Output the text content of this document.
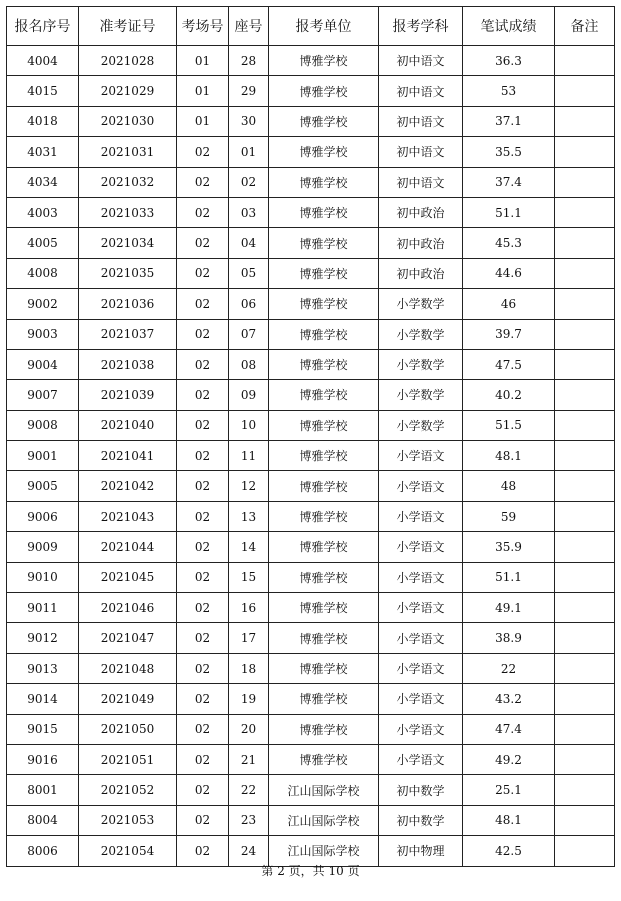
报名序号	准考证号	考场号	座号	报考单位	报考学科	笔试成绩	备注
4004	2021028	01	28	博雅学校	初中语文	36.3	
4015	2021029	01	29	博雅学校	初中语文	53	
4018	2021030	01	30	博雅学校	初中语文	37.1	
4031	2021031	02	01	博雅学校	初中语文	35.5	
4034	2021032	02	02	博雅学校	初中语文	37.4	
4003	2021033	02	03	博雅学校	初中政治	51.1	
4005	2021034	02	04	博雅学校	初中政治	45.3	
4008	2021035	02	05	博雅学校	初中政治	44.6	
9002	2021036	02	06	博雅学校	小学数学	46	
9003	2021037	02	07	博雅学校	小学数学	39.7	
9004	2021038	02	08	博雅学校	小学数学	47.5	
9007	2021039	02	09	博雅学校	小学数学	40.2	
9008	2021040	02	10	博雅学校	小学数学	51.5	
9001	2021041	02	11	博雅学校	小学语文	48.1	
9005	2021042	02	12	博雅学校	小学语文	48	
9006	2021043	02	13	博雅学校	小学语文	59	
9009	2021044	02	14	博雅学校	小学语文	35.9	
9010	2021045	02	15	博雅学校	小学语文	51.1	
9011	2021046	02	16	博雅学校	小学语文	49.1	
9012	2021047	02	17	博雅学校	小学语文	38.9	
9013	2021048	02	18	博雅学校	小学语文	22	
9014	2021049	02	19	博雅学校	小学语文	43.2	
9015	2021050	02	20	博雅学校	小学语文	47.4	
9016	2021051	02	21	博雅学校	小学语文	49.2	
8001	2021052	02	22	江山国际学校	初中数学	25.1	
8004	2021053	02	23	江山国际学校	初中数学	48.1	
8006	2021054	02	24	江山国际学校	初中物理	42.5	
第 2 页，共 10 页
